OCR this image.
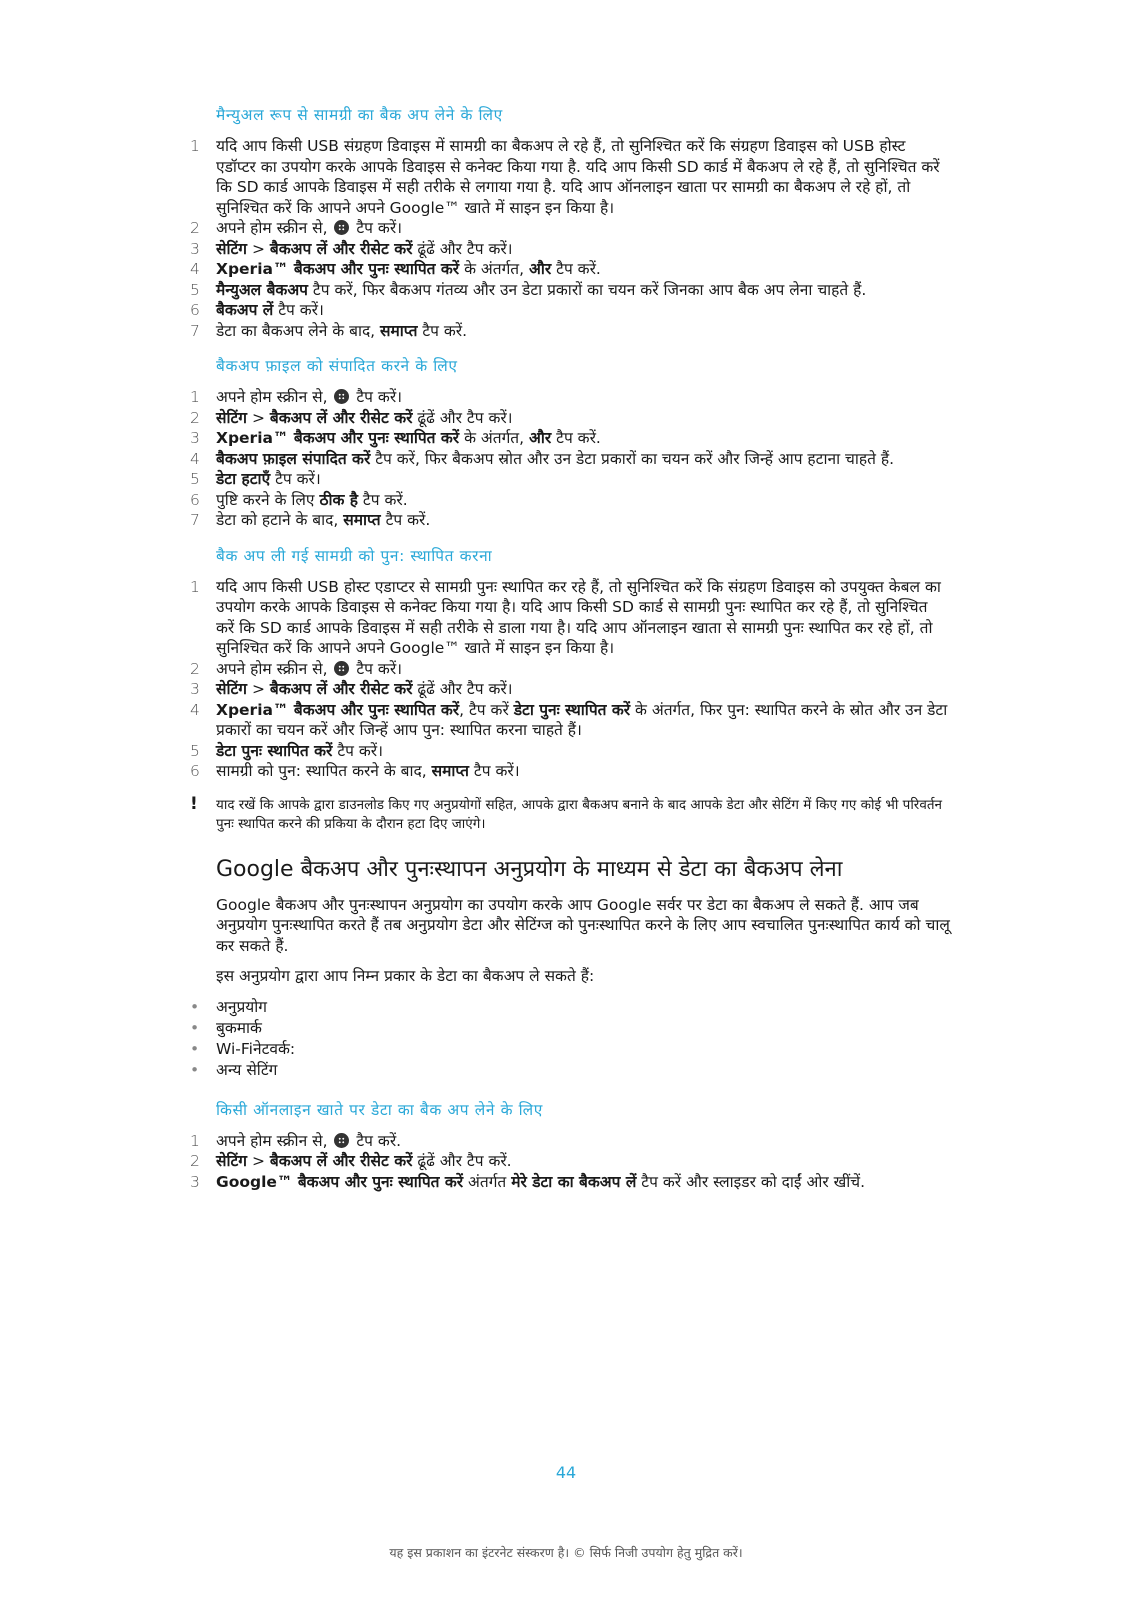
मैन्युअल रूप से सामग्री का बैक अप लेने के लिए
1	यदि आप किसी USB संग्रहण डिवाइस में सामग्री का बैकअप ले रहे हैं, तो सुनिश्चित करें कि संग्रहण डिवाइस को USB होस्ट एडॉप्टर का उपयोग करके आपके डिवाइस से कनेक्ट किया गया है. यदि आप किसी SD कार्ड में बैकअप ले रहे हैं, तो सुनिश्चित करें कि SD कार्ड आपके डिवाइस में सही तरीके से लगाया गया है. यदि आप ऑनलाइन खाता पर सामग्री का बैकअप ले रहे हों, तो सुनिश्चित करें कि आपने अपने Google™ खाते में साइन इन किया है।
2	अपने होम स्क्रीन से, टैप करें।
3	सेटिंग > बैकअप लें और रीसेट करें ढूंढें और टैप करें।
4	Xperia™ बैकअप और पुनः स्थापित करें के अंतर्गत, और टैप करें.
5	मैन्युअल बैकअप टैप करें, फिर बैकअप गंतव्य और उन डेटा प्रकारों का चयन करें जिनका आप बैक अप लेना चाहते हैं.
6	बैकअप लें टैप करें।
7	डेटा का बैकअप लेने के बाद, समाप्त टैप करें.
बैकअप फ़ाइल को संपादित करने के लिए
1	अपने होम स्क्रीन से, टैप करें।
2	सेटिंग > बैकअप लें और रीसेट करें ढूंढें और टैप करें।
3	Xperia™ बैकअप और पुनः स्थापित करें के अंतर्गत, और टैप करें.
4	बैकअप फ़ाइल संपादित करें टैप करें, फिर बैकअप स्रोत और उन डेटा प्रकारों का चयन करें और जिन्हें आप हटाना चाहते हैं.
5	डेटा हटाएँ टैप करें।
6	पुष्टि करने के लिए ठीक है टैप करें.
7	डेटा को हटाने के बाद, समाप्त टैप करें.
बैक अप ली गई सामग्री को पुन: स्थापित करना
1	यदि आप किसी USB होस्ट एडाप्टर से सामग्री पुनः स्थापित कर रहे हैं, तो सुनिश्चित करें कि संग्रहण डिवाइस को उपयुक्त केबल का उपयोग करके आपके डिवाइस से कनेक्ट किया गया है। यदि आप किसी SD कार्ड से सामग्री पुनः स्थापित कर रहे हैं, तो सुनिश्चित करें कि SD कार्ड आपके डिवाइस में सही तरीके से डाला गया है। यदि आप ऑनलाइन खाता से सामग्री पुनः स्थापित कर रहे हों, तो सुनिश्चित करें कि आपने अपने Google™ खाते में साइन इन किया है।
2	अपने होम स्क्रीन से, टैप करें।
3	सेटिंग > बैकअप लें और रीसेट करें ढूंढें और टैप करें।
4	Xperia™ बैकअप और पुनः स्थापित करें, टैप करें डेटा पुनः स्थापित करें के अंतर्गत, फिर पुन: स्थापित करने के स्रोत और उन डेटा प्रकारों का चयन करें और जिन्हें आप पुन: स्थापित करना चाहते हैं।
5	डेटा पुनः स्थापित करें टैप करें।
6	सामग्री को पुन: स्थापित करने के बाद, समाप्त टैप करें।
! याद रखें कि आपके द्वारा डाउनलोड किए गए अनुप्रयोगों सहित, आपके द्वारा बैकअप बनाने के बाद आपके डेटा और सेटिंग में किए गए कोई भी परिवर्तन पुनः स्थापित करने की प्रकिया के दौरान हटा दिए जाएंगे।
Google बैकअप और पुनःस्थापन अनुप्रयोग के माध्यम से डेटा का बैकअप लेना

Google बैकअप और पुनःस्थापन अनुप्रयोग का उपयोग करके आप Google सर्वर पर डेटा का बैकअप ले सकते हैं. आप जब अनुप्रयोग पुनःस्थापित करते हैं तब अनुप्रयोग डेटा और सेटिंग्ज को पुनःस्थापित करने के लिए आप स्वचालित पुनःस्थापित कार्य को चालू कर सकते हैं.

इस अनुप्रयोग द्वारा आप निम्न प्रकार के डेटा का बैकअप ले सकते हैं:

• अनुप्रयोग
• बुकमार्क
• Wi-Fiनेटवर्क:
• अन्य सेटिंग
किसी ऑनलाइन खाते पर डेटा का बैक अप लेने के लिए
1	अपने होम स्क्रीन से, टैप करें.
2	सेटिंग > बैकअप लें और रीसेट करें ढूंढें और टैप करें.
3	Google™ बैकअप और पुनः स्थापित करें अंतर्गत मेरे डेटा का बैकअप लें टैप करें और स्लाइडर को दाईं ओर खींचें.
44
यह इस प्रकाशन का इंटरनेट संस्करण है। © सिर्फ निजी उपयोग हेतु मुद्रित करें।
